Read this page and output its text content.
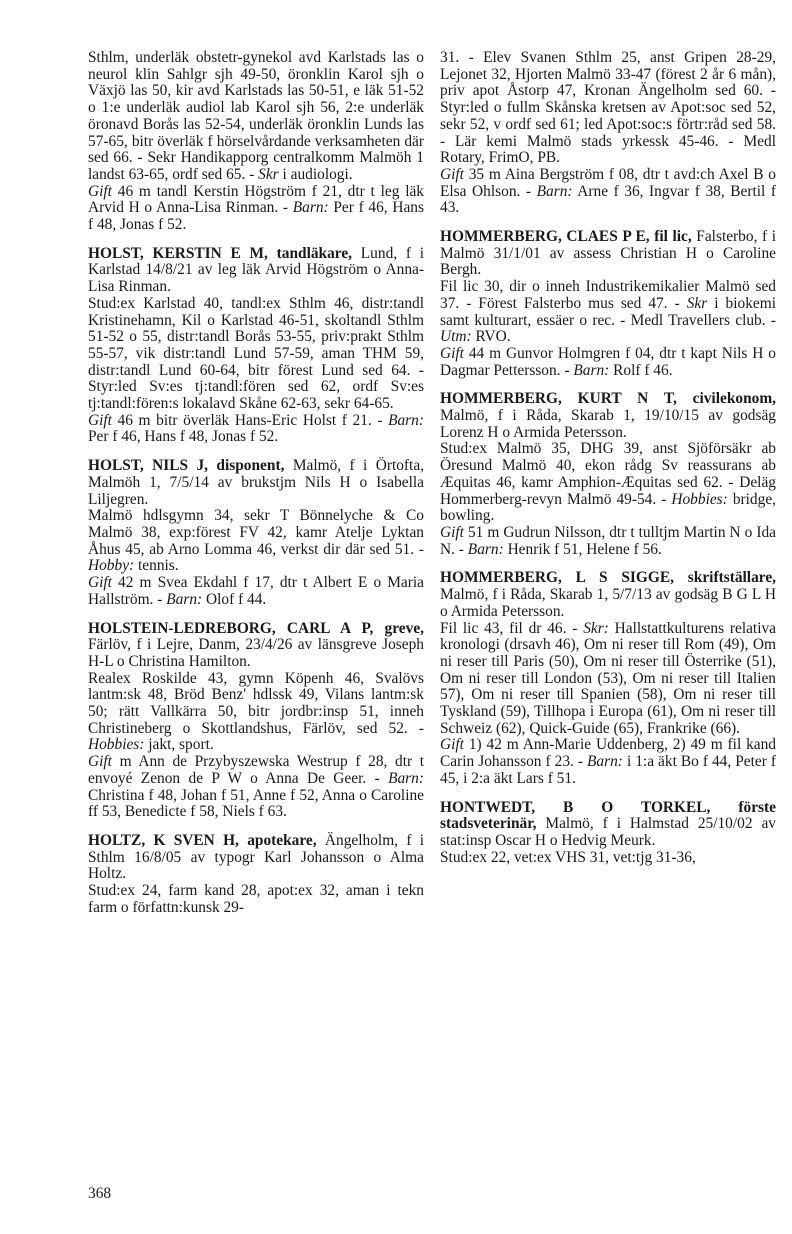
Sthlm, underläk obstetr-gynekol avd Karlstads las o neurol klin Sahlgr sjh 49-50, öronklin Karol sjh o Växjö las 50, kir avd Karlstads las 50-51, e läk 51-52 o 1:e underläk audiol lab Karol sjh 56, 2:e underläk öronavd Borås las 52-54, underläk öronklin Lunds las 57-65, bitr överläk f hörselvårdande verksamheten där sed 66. - Sekr Handikapporg centralkomm Malmöh 1 landst 63-65, ordf sed 65. - Skr i audiologi.
Gift 46 m tandl Kerstin Högström f 21, dtr t leg läk Arvid H o Anna-Lisa Rinman. - Barn: Per f 46, Hans f 48, Jonas f 52.
HOLST, KERSTIN E M, tandläkare, Lund, f i Karlstad 14/8/21 av leg läk Arvid Högström o Anna-Lisa Rinman.
Stud:ex Karlstad 40, tandl:ex Sthlm 46, distr:tandl Kristinehamn, Kil o Karlstad 46-51, skoltandl Sthlm 51-52 o 55, distr:tandl Borås 53-55, priv:prakt Sthlm 55-57, vik distr:tandl Lund 57-59, aman THM 59, distr:tandl Lund 60-64, bitr förest Lund sed 64. - Styr:led Sv:es tj:tandl:fören sed 62, ordf Sv:es tj:tandl:fören:s lokalavd Skåne 62-63, sekr 64-65.
Gift 46 m bitr överläk Hans-Eric Holst f 21. - Barn: Per f 46, Hans f 48, Jonas f 52.
HOLST, NILS J, disponent, Malmö, f i Örtofta, Malmöh 1, 7/5/14 av brukstjm Nils H o Isabella Liljegren.
Malmö hdlsgymn 34, sekr T Bönnelyche & Co Malmö 38, exp:förest FV 42, kamr Atelje Lyktan Åhus 45, ab Arno Lomma 46, verkst dir där sed 51. - Hobby: tennis.
Gift 42 m Svea Ekdahl f 17, dtr t Albert E o Maria Hallström. - Barn: Olof f 44.
HOLSTEIN-LEDREBORG, CARL A P, greve, Färlöv, f i Lejre, Danm, 23/4/26 av länsgreve Joseph H-L o Christina Hamilton.
Realex Roskilde 43, gymn Köpenh 46, Svalövs lantm:sk 48, Bröd Benz' hdlssk 49, Vilans lantm:sk 50; rätt Vallkärra 50, bitr jordbr:insp 51, inneh Christineberg o Skottlandshus, Färlöv, sed 52. - Hobbies: jakt, sport.
Gift m Ann de Przybyszewska Westrup f 28, dtr t envoyé Zenon de P W o Anna De Geer. - Barn: Christina f 48, Johan f 51, Anne f 52, Anna o Caroline ff 53, Benedicte f 58, Niels f 63.
HOLTZ, K SVEN H, apotekare, Ängelholm, f i Sthlm 16/8/05 av typogr Karl Johansson o Alma Holtz.
Stud:ex 24, farm kand 28, apot:ex 32, aman i tekn farm o författn:kunsk 29-
31. - Elev Svanen Sthlm 25, anst Gripen 28-29, Lejonet 32, Hjorten Malmö 33-47 (förest 2 år 6 mån), priv apot Åstorp 47, Kronan Ängelholm sed 60. - Styr:led o fullm Skånska kretsen av Apot:soc sed 52, sekr 52, v ordf sed 61; led Apot:soc:s förtr:råd sed 58. - Lär kemi Malmö stads yrkessk 45-46. - Medl Rotary, FrimO, PB.
Gift 35 m Aina Bergström f 08, dtr t avd:ch Axel B o Elsa Ohlson. - Barn: Arne f 36, Ingvar f 38, Bertil f 43.
HOMMERBERG, CLAES P E, fil lic, Falsterbo, f i Malmö 31/1/01 av assess Christian H o Caroline Bergh.
Fil lic 30, dir o inneh Industrikemikalier Malmö sed 37. - Förest Falsterbo mus sed 47. - Skr i biokemi samt kulturart, essäer o rec. - Medl Travellers club. - Utm: RVO.
Gift 44 m Gunvor Holmgren f 04, dtr t kapt Nils H o Dagmar Pettersson. - Barn: Rolf f 46.
HOMMERBERG, KURT N T, civilekonom, Malmö, f i Råda, Skarab 1, 19/10/15 av godsäg Lorenz H o Armida Petersson.
Stud:ex Malmö 35, DHG 39, anst Sjöförsäkr ab Öresund Malmö 40, ekon rådg Sv reassurans ab Æquitas 46, kamr Amphion-Æquitas sed 62. - Deläg Hommerberg-revyn Malmö 49-54. - Hobbies: bridge, bowling.
Gift 51 m Gudrun Nilsson, dtr t tulltjm Martin N o Ida N. - Barn: Henrik f 51, Helene f 56.
HOMMERBERG, L S SIGGE, skriftställare, Malmö, f i Råda, Skarab 1, 5/7/13 av godsäg B G L H o Armida Petersson.
Fil lic 43, fil dr 46. - Skr: Hallstattkulturens relativa kronologi (drsavh 46), Om ni reser till Rom (49), Om ni reser till Paris (50), Om ni reser till Österrike (51), Om ni reser till London (53), Om ni reser till Italien 57), Om ni reser till Spanien (58), Om ni reser till Tyskland (59), Tillhopa i Europa (61), Om ni reser till Schweiz (62), Quick-Guide (65), Frankrike (66).
Gift 1) 42 m Ann-Marie Uddenberg, 2) 49 m fil kand Carin Johansson f 23. - Barn: i 1:a äkt Bo f 44, Peter f 45, i 2:a äkt Lars f 51.
HONTWEDT, B O TORKEL, förste stadsveterinär, Malmö, f i Halmstad 25/10/02 av stat:insp Oscar H o Hedvig Meurk.
Stud:ex 22, vet:ex VHS 31, vet:tjg 31-36,
368
